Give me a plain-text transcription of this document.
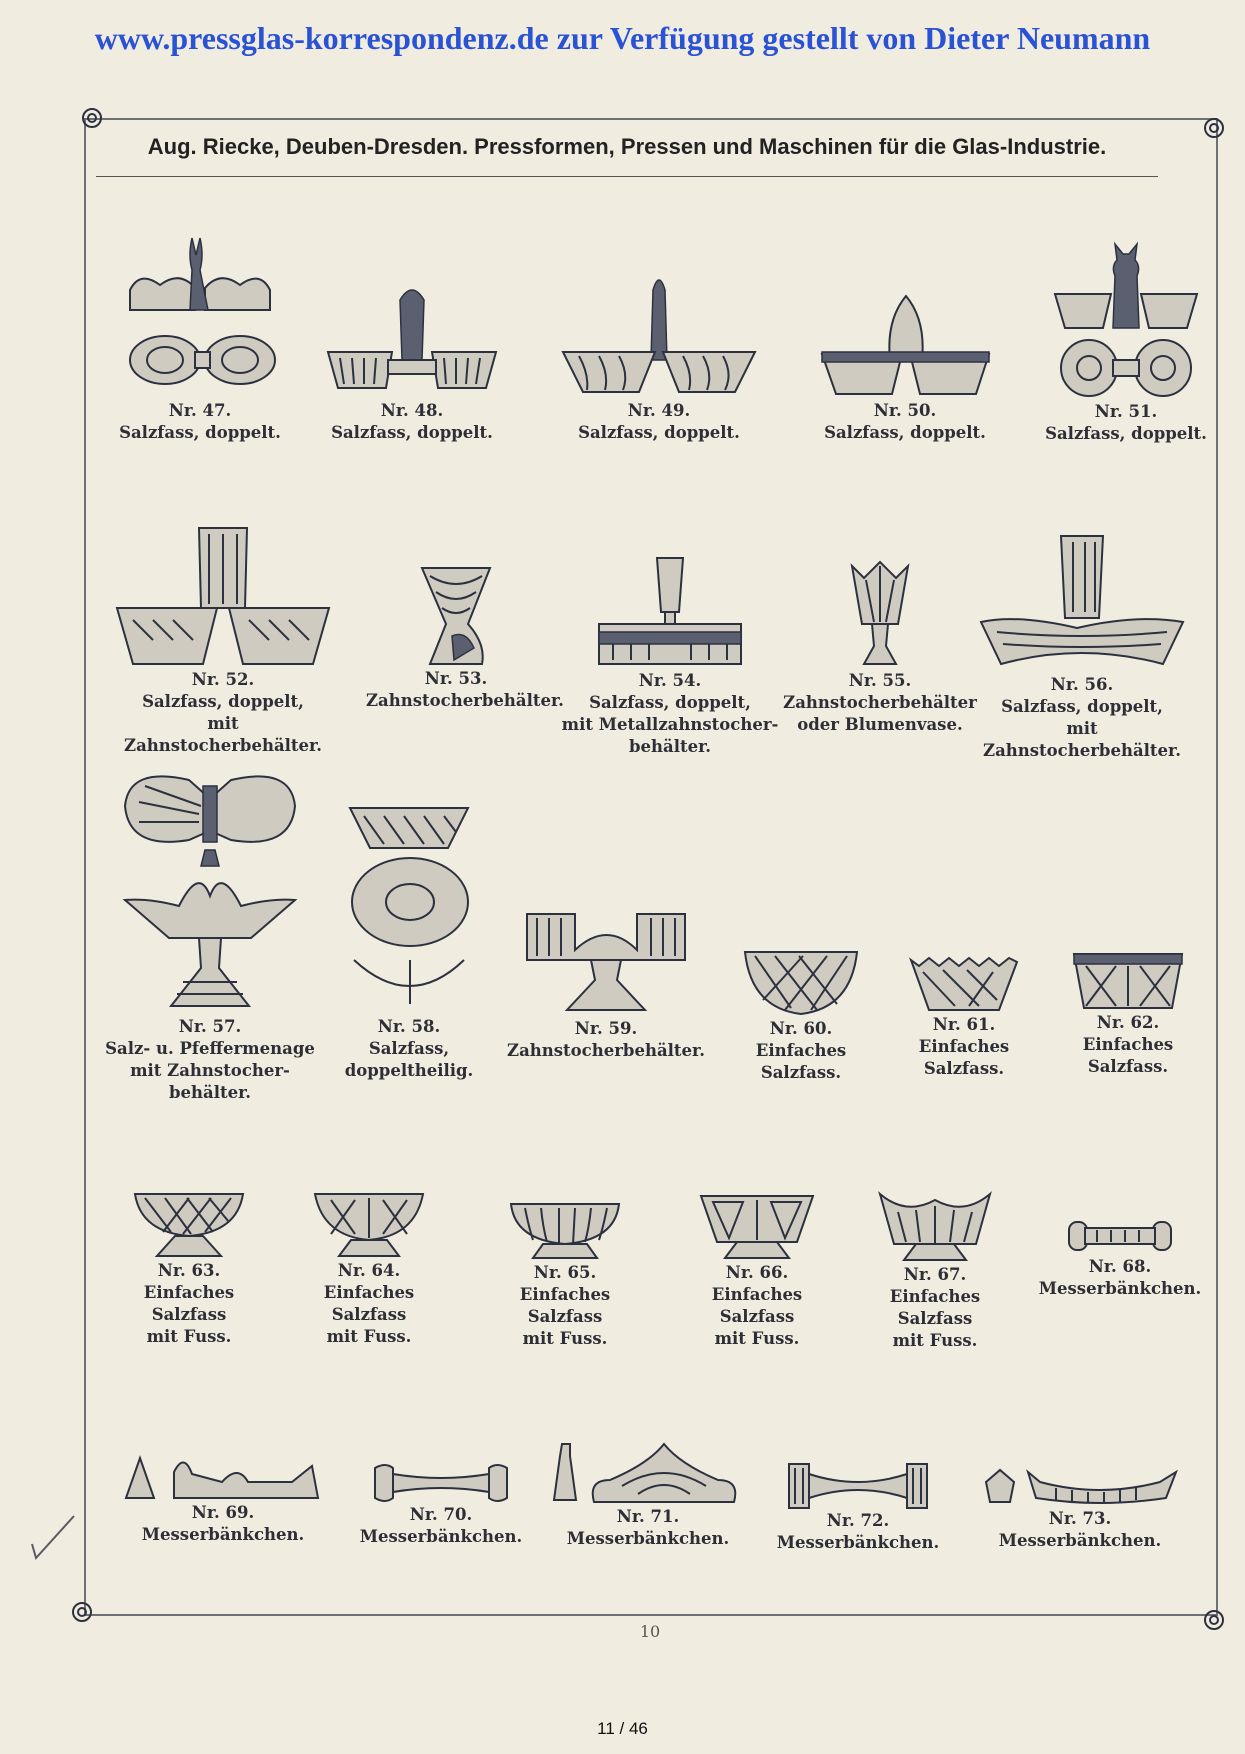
www.pressglas-korrespondenz.de zur Verfügung gestellt von Dieter Neumann
Aug. Riecke, Deuben-Dresden. Pressformen, Pressen und Maschinen für die Glas-Industrie.
Nr. 47.
Salzfass, doppelt.
Nr. 48.
Salzfass, doppelt.
Nr. 49.
Salzfass, doppelt.
Nr. 50.
Salzfass, doppelt.
Nr. 51.
Salzfass, doppelt.
Nr. 52.
Salzfass, doppelt,
mit Zahnstocherbehälter.
Nr. 53.
Zahnstocherbehälter.
Nr. 54.
Salzfass, doppelt,
mit Metallzahnstocher-
behälter.
Nr. 55.
Zahnstocherbehälter
oder Blumenvase.
Nr. 56.
Salzfass, doppelt,
mit Zahnstocherbehälter.
Nr. 57.
Salz- u. Pfeffermenage
mit Zahnstocher-
behälter.
Nr. 58.
Salzfass,
doppeltheilig.
Nr. 59.
Zahnstocherbehälter.
Nr. 60.
Einfaches
Salzfass.
Nr. 61.
Einfaches
Salzfass.
Nr. 62.
Einfaches
Salzfass.
Nr. 63.
Einfaches Salzfass
mit Fuss.
Nr. 64.
Einfaches Salzfass
mit Fuss.
Nr. 65.
Einfaches Salzfass
mit Fuss.
Nr. 66.
Einfaches Salzfass
mit Fuss.
Nr. 67.
Einfaches Salzfass
mit Fuss.
Nr. 68.
Messerbänkchen.
Nr. 69.
Messerbänkchen.
Nr. 70.
Messerbänkchen.
Nr. 71.
Messerbänkchen.
Nr. 72.
Messerbänkchen.
Nr. 73.
Messerbänkchen.
10
11 / 46
